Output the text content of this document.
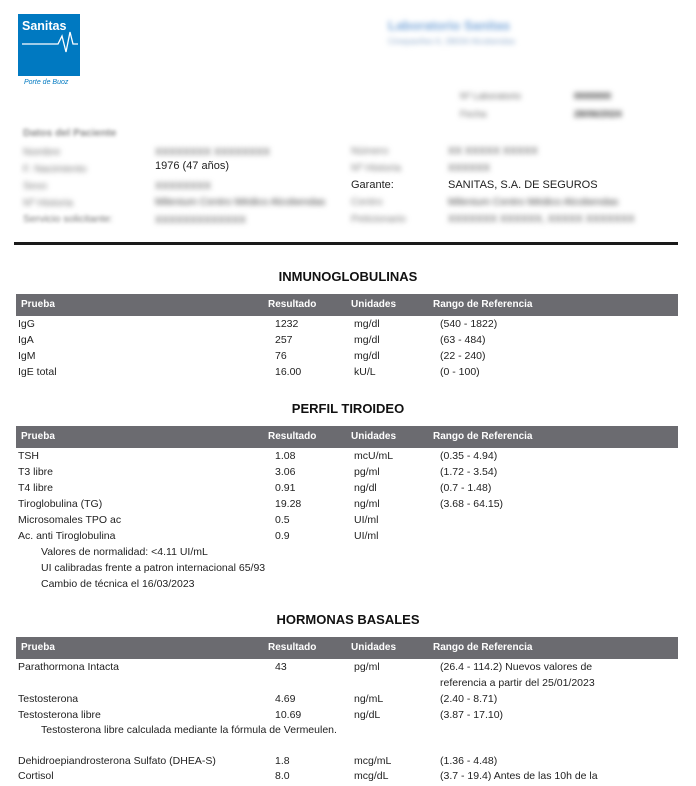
Sanitas
Porte de Buoz
Laboratorio Sanitas
Cinepaoñes 6, 28034 Alcobendas
Nº Laboratorio	0000000
Fecha	28/06/2024
Datos del Paciente
Nombre	XXXXXXXX XXXXXXXX
F. Nacimiento	1976 (47 años)
Sexo	XXXXXXXX
Nº Historia	Milenium Centro Médico Alcobendas
Servicio solicitante:	XXXXXXXXXXXXX
Número	XX XXXXX XXXXX
Nº Historia	XXXXXX
Garante:	SANITAS, S.A. DE SEGUROS
Centro	Milenium Centro Médico Alcobendas
Peticionario	XXXXXXX XXXXXX, XXXXX XXXXXXX
INMUNOGLOBULINAS
Prueba	Resultado	Unidades	Rango de Referencia
IgG	1232	mg/dl	(540 - 1822)
IgA	257	mg/dl	(63 - 484)
IgM	76	mg/dl	(22 - 240)
IgE total	16.00	kU/L	(0 - 100)
PERFIL TIROIDEO
Prueba	Resultado	Unidades	Rango de Referencia
TSH	1.08	mcU/mL	(0.35 - 4.94)
T3 libre	3.06	pg/ml	(1.72 - 3.54)
T4 libre	0.91	ng/dl	(0.7 - 1.48)
Tiroglobulina (TG)	19.28	ng/ml	(3.68 - 64.15)
Microsomales TPO ac	0.5	UI/ml
Ac. anti Tiroglobulina	0.9	UI/ml
Valores de normalidad: <4.11 UI/mL
UI calibradas frente a patron internacional 65/93
Cambio de técnica el 16/03/2023
HORMONAS BASALES
Prueba	Resultado	Unidades	Rango de Referencia
Parathormona Intacta	43	pg/ml	(26.4 - 114.2) Nuevos valores de
referencia a partir del 25/01/2023
Testosterona	4.69	ng/mL	(2.40 - 8.71)
Testosterona libre	10.69	ng/dL	(3.87 - 17.10)
Testosterona libre calculada mediante la fórmula de Vermeulen.
Dehidroepiandrosterona Sulfato (DHEA-S)	1.8	mcg/mL	(1.36 - 4.48)
Cortisol	8.0	mcg/dL	(3.7 - 19.4) Antes de las 10h de la
